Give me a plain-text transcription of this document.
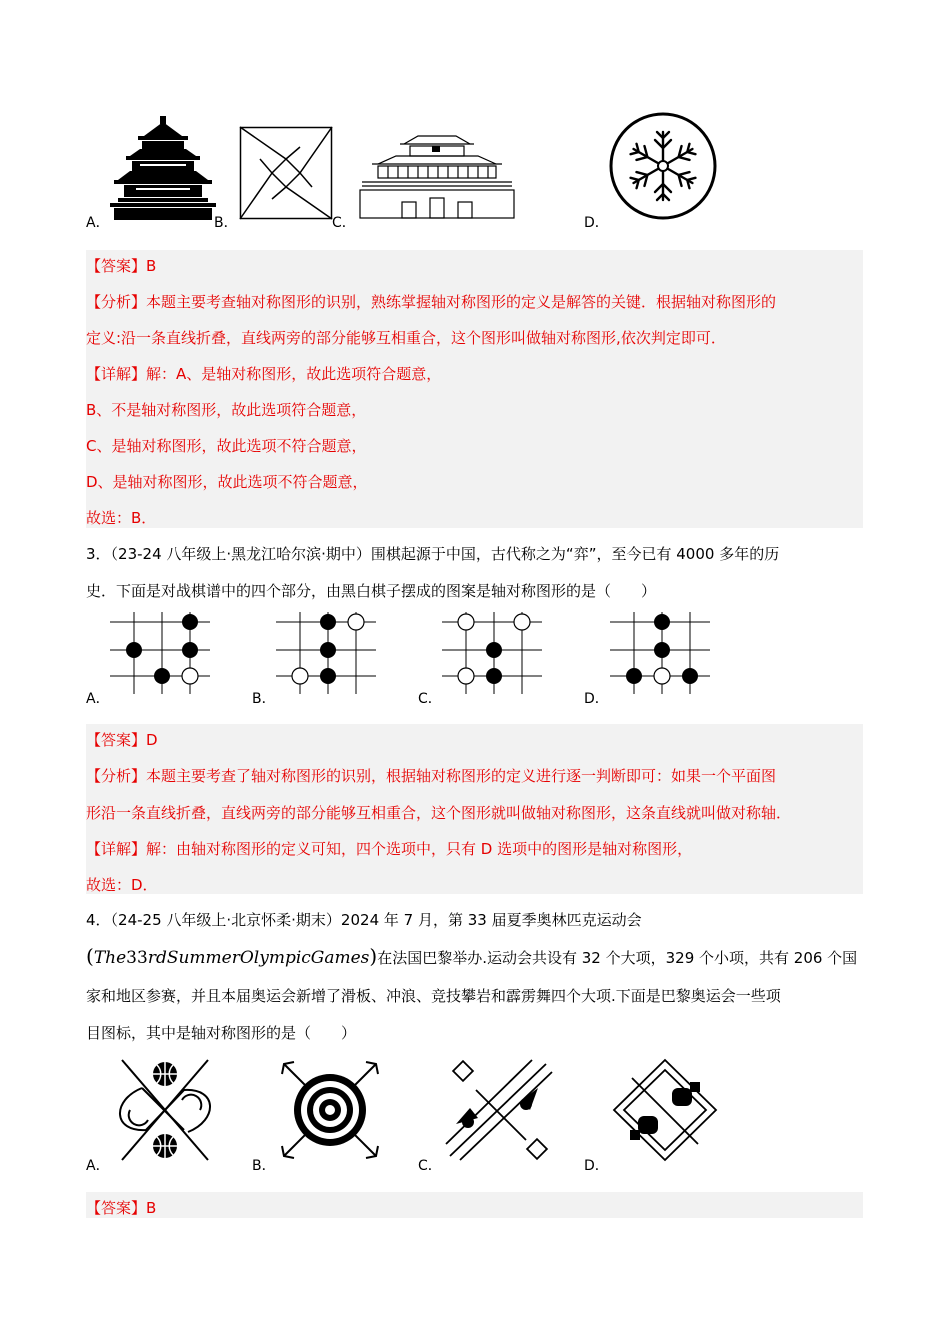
A．	B．	C．	D．
【答案】B
【分析】本题主要考查轴对称图形的识别，熟练掌握轴对称图形的定义是解答的关键．根据轴对称图形的
定义:沿一条直线折叠，直线两旁的部分能够互相重合，这个图形叫做轴对称图形,依次判定即可．
【详解】解：A、是轴对称图形，故此选项符合题意，
B、不是轴对称图形，故此选项符合题意，
C、是轴对称图形，故此选项不符合题意，
D、是轴对称图形，故此选项不符合题意，
故选：B．
3．（23-24 八年级上·黑龙江哈尔滨·期中）围棋起源于中国，古代称之为“弈”，至今已有 4000 多年的历
史．下面是对战棋谱中的四个部分，由黑白棋子摆成的图案是轴对称图形的是（　　）
A．	B．	C．	D．
【答案】D
【分析】本题主要考查了轴对称图形的识别，根据轴对称图形的定义进行逐一判断即可：如果一个平面图
形沿一条直线折叠，直线两旁的部分能够互相重合，这个图形就叫做轴对称图形，这条直线就叫做对称轴．
【详解】解：由轴对称图形的定义可知，四个选项中，只有 D 选项中的图形是轴对称图形，
故选：D．
4．（24-25 八年级上·北京怀柔·期末）2024 年 7 月，第 33 届夏季奥林匹克运动会
(The33rdSummerOlympicGames)在法国巴黎举办.运动会共设有 32 个大项，329 个小项，共有 206 个国
家和地区参赛，并且本届奥运会新增了滑板、冲浪、竞技攀岩和霹雳舞四个大项.下面是巴黎奥运会一些项
目图标，其中是轴对称图形的是（　　）
A．	B．	C．	D．
【答案】B
